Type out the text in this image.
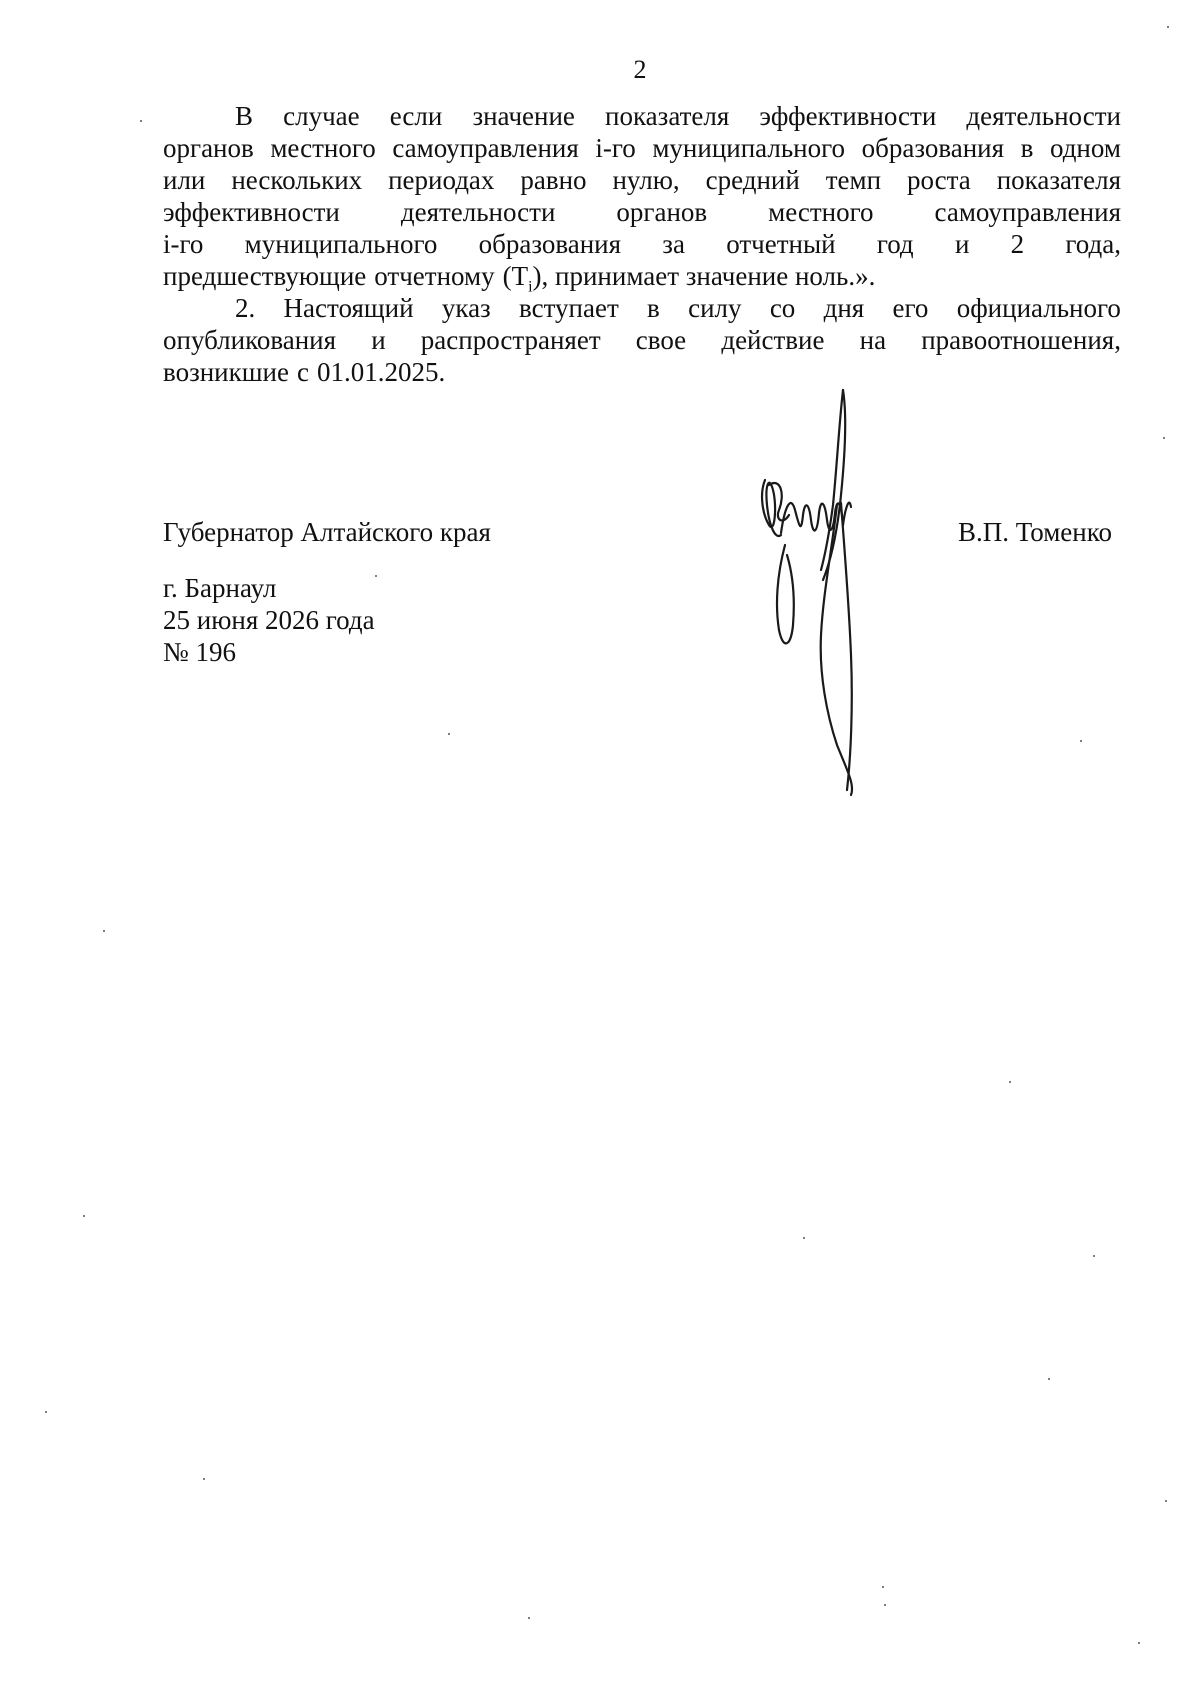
2
В случае если значение показателя эффективности деятельности
органов местного самоуправления i-го муниципального образования в одном
или нескольких периодах равно нулю, средний темп роста показателя
эффективности деятельности органов местного самоуправления
i-го муниципального образования за отчетный год и 2 года,
предшествующие отчетному ($T_i$ ), принимает значение ноль.».
2. Настоящий указ вступает в силу со дня его официального
опубликования и распространяет свое действие на правоотношения,
возникшие с 01.01.2025.
Губернатор Алтайского края	В.П. Томенко
г. Барнаул
25 июня 2026 года
№ 196
